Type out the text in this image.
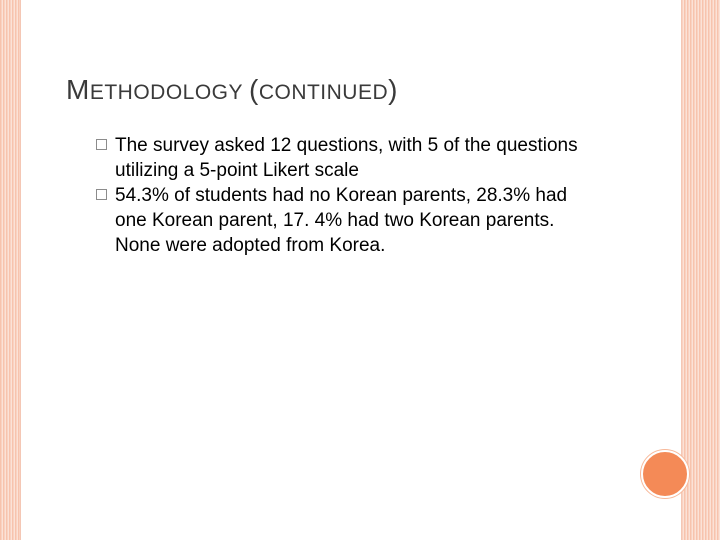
METHODOLOGY (CONTINUED)
The survey asked 12 questions, with 5 of the questions
utilizing a 5-point Likert scale
54.3% of students had no Korean parents, 28.3% had
one Korean parent, 17. 4% had two Korean parents.
None were adopted from Korea.
